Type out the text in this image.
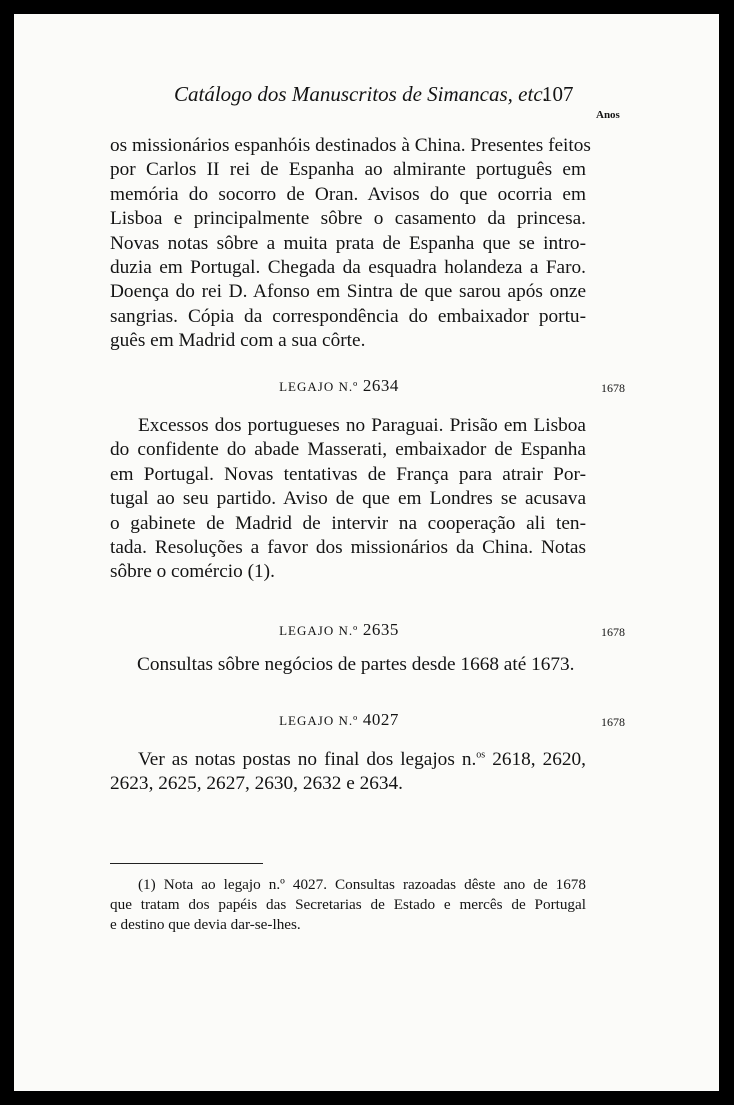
Catálogo dos Manuscritos de Simancas, etc.
107
Anos
os missionários espanhóis destinados à China. Presentes feitos
por Carlos II rei de Espanha ao almirante português em
memória do socorro de Oran. Avisos do que ocorria em
Lisboa e principalmente sôbre o casamento da princesa.
Novas notas sôbre a muita prata de Espanha que se intro-
duzia em Portugal. Chegada da esquadra holandeza a Faro.
Doença do rei D. Afonso em Sintra de que sarou após onze
sangrias. Cópia da correspondência do embaixador portu-
guês em Madrid com a sua côrte.
LEGAJO N.º 2634	1678
Excessos dos portugueses no Paraguai. Prisão em Lisboa
do confidente do abade Masserati, embaixador de Espanha
em Portugal. Novas tentativas de França para atrair Por-
tugal ao seu partido. Aviso de que em Londres se acusava
o gabinete de Madrid de intervir na cooperação ali ten-
tada. Resoluções a favor dos missionários da China. Notas
sôbre o comércio (1).
LEGAJO N.º 2635	1678
Consultas sôbre negócios de partes desde 1668 até 1673.
LEGAJO N.º 4027	1678
Ver as notas postas no final dos legajos n.$^{os}$ 2618, 2620,
2623, 2625, 2627, 2630, 2632 e 2634.
(1) Nota ao legajo n.º 4027. Consultas razoadas dêste ano de 1678
que tratam dos papéis das Secretarias de Estado e mercês de Portugal
e destino que devia dar-se-lhes.
